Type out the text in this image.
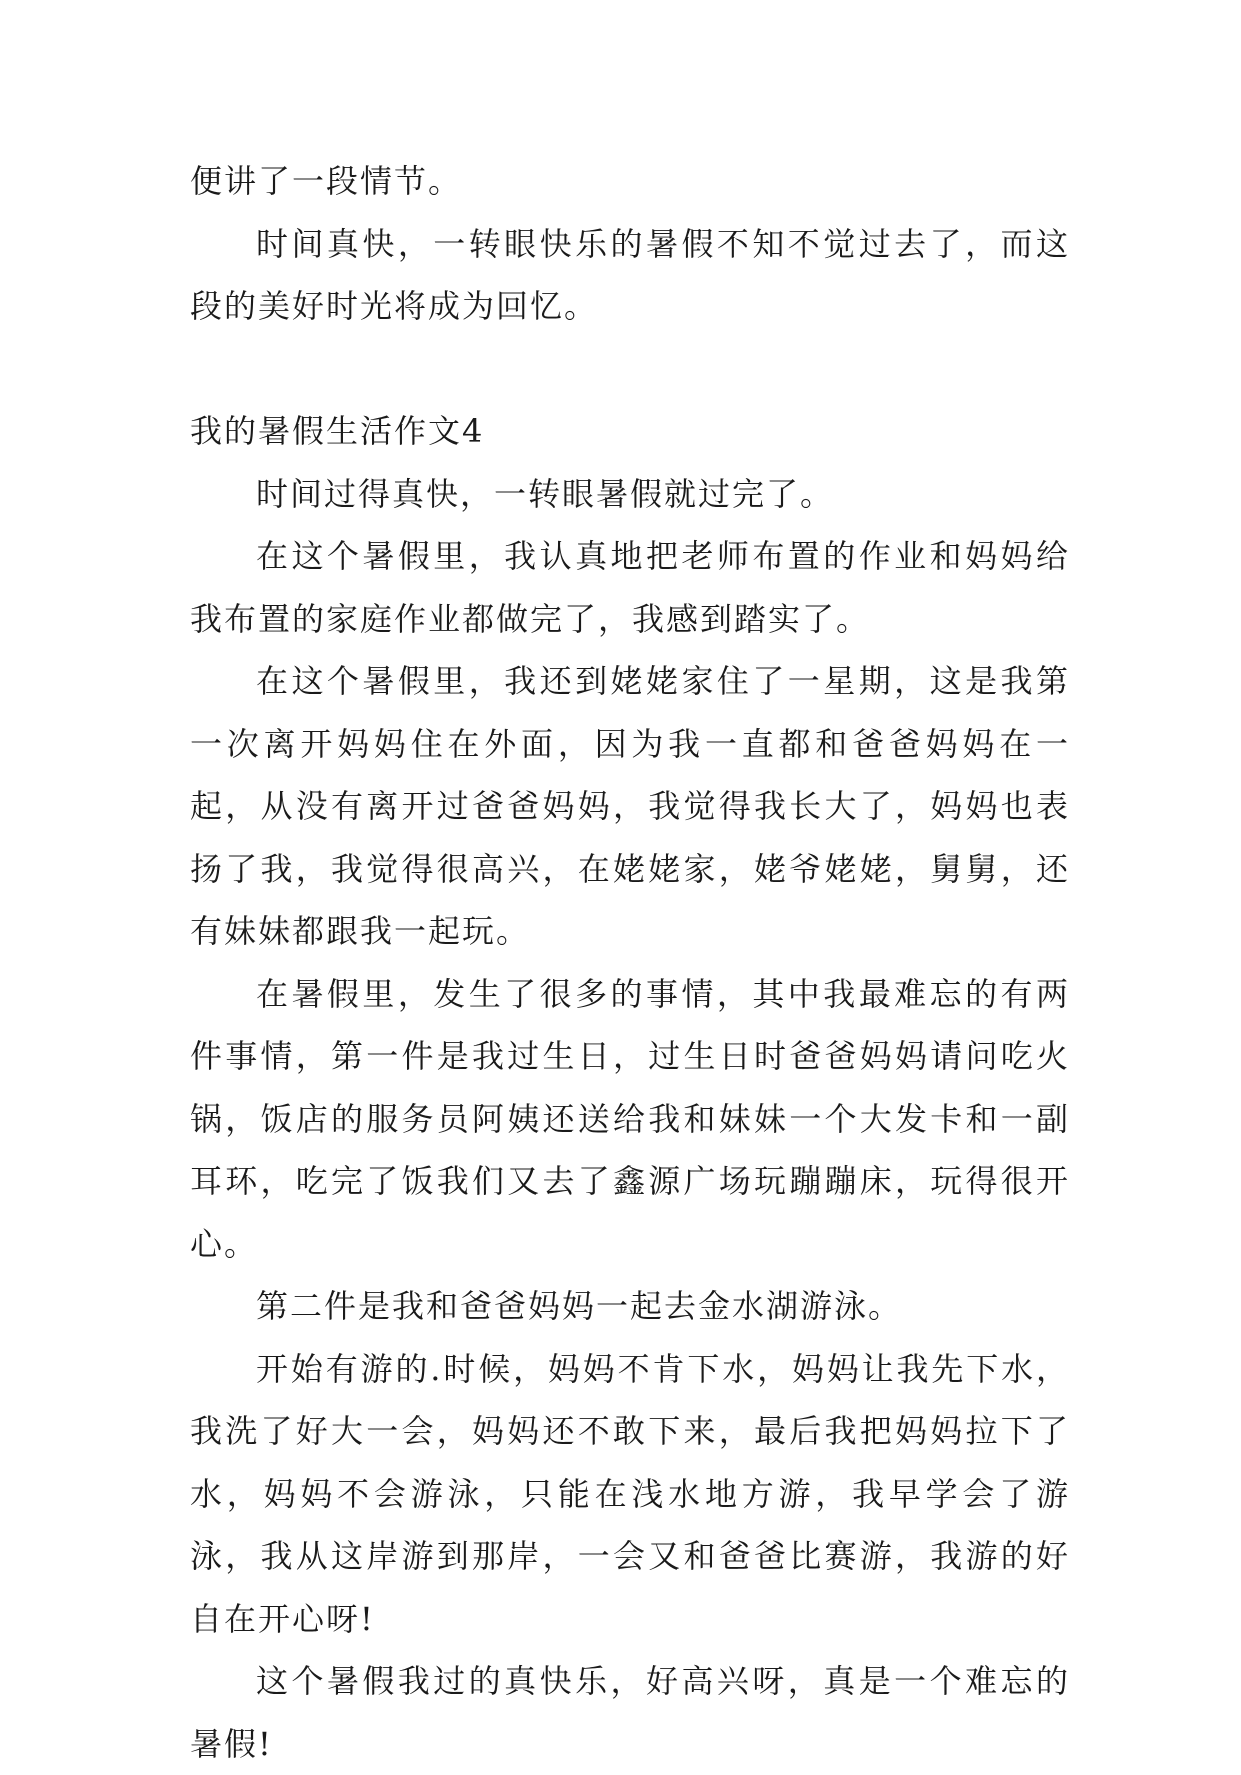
便讲了一段情节。

时间真快，一转眼快乐的暑假不知不觉过去了，而这段的美好时光将成为回忆。

我的暑假生活作文4

时间过得真快，一转眼暑假就过完了。

在这个暑假里，我认真地把老师布置的作业和妈妈给我布置的家庭作业都做完了，我感到踏实了。

在这个暑假里，我还到姥姥家住了一星期，这是我第一次离开妈妈住在外面，因为我一直都和爸爸妈妈在一起，从没有离开过爸爸妈妈，我觉得我长大了，妈妈也表扬了我，我觉得很高兴，在姥姥家，姥爷姥姥，舅舅，还有妹妹都跟我一起玩。

在暑假里，发生了很多的事情，其中我最难忘的有两件事情，第一件是我过生日，过生日时爸爸妈妈请问吃火锅，饭店的服务员阿姨还送给我和妹妹一个大发卡和一副耳环，吃完了饭我们又去了鑫源广场玩蹦蹦床，玩得很开心。

第二件是我和爸爸妈妈一起去金水湖游泳。

开始有游的.时候，妈妈不肯下水，妈妈让我先下水，我洗了好大一会，妈妈还不敢下来，最后我把妈妈拉下了水，妈妈不会游泳，只能在浅水地方游，我早学会了游泳，我从这岸游到那岸，一会又和爸爸比赛游，我游的好自在开心呀!

这个暑假我过的真快乐，好高兴呀，真是一个难忘的暑假!
